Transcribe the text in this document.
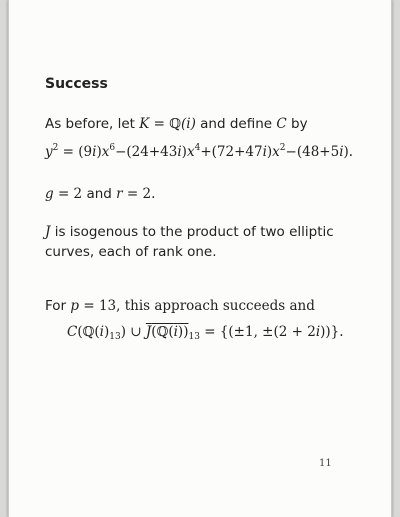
Success
As before, let K = ℚ(i) and define C by
$y^2 = (9i)x^6-(24+43i)x^4+(72+47i)x^2-(48+5i)$.
g = 2 and r = 2.
J is isogenous to the product of two elliptic
curves, each of rank one.
For p = 13, this approach succeeds and
$C(ℚ(i)_{13})$ ∪ $J(ℚ(i))_{13} = \{(\pm 1$, ±(2 + 2i))}.
11
